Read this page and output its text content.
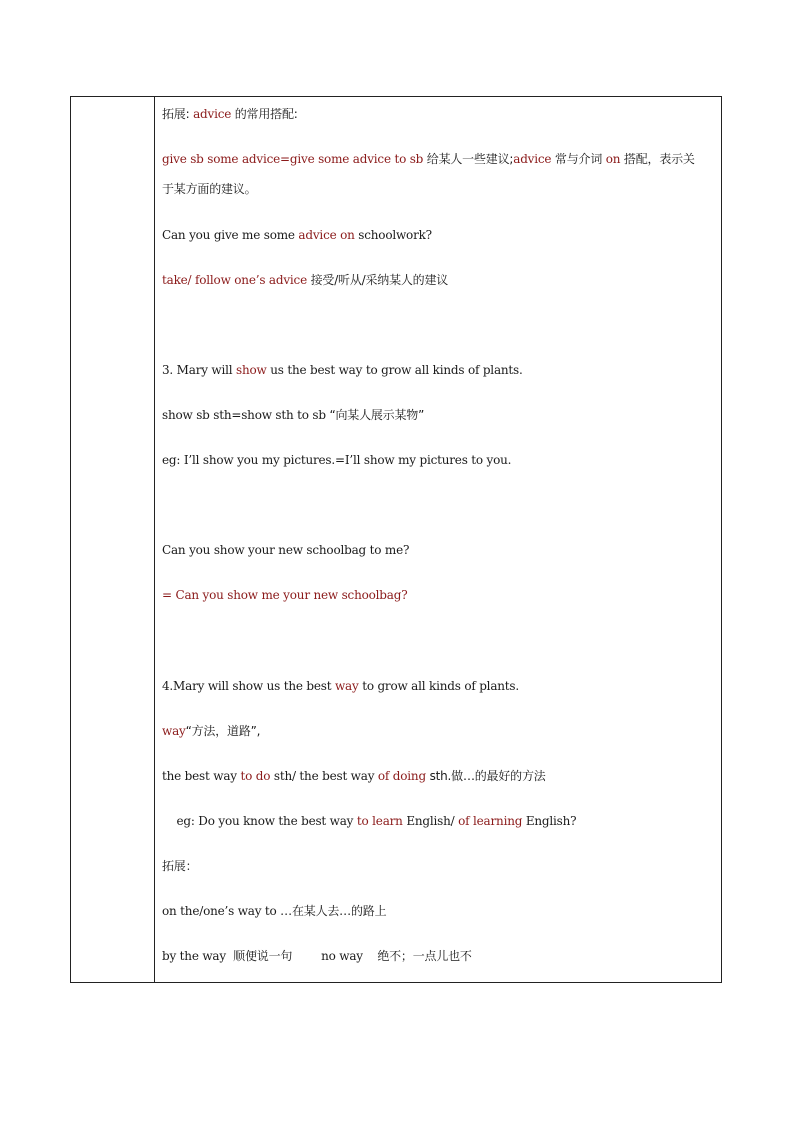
拓展: advice 的常用搭配:
give sb some advice=give some advice to sb 给某人一些建议;advice 常与介词 on 搭配，表示关
于某方面的建议。
Can you give me some advice on schoolwork?
take/ follow one’s advice 接受/听从/采纳某人的建议
3. Mary will show us the best way to grow all kinds of plants.
show sb sth=show sth to sb “向某人展示某物”
eg: I’ll show you my pictures.=I’ll show my pictures to you.
Can you show your new schoolbag to me?
= Can you show me your new schoolbag?
4.Mary will show us the best way to grow all kinds of plants.
way“方法，道路”,
the best way to do sth/ the best way of doing sth.做…的最好的方法
eg: Do you know the best way to learn English/ of learning English?
拓展：
on the/one’s way to …在某人去…的路上
by the way  顺便说一句        no way    绝不；一点儿也不
